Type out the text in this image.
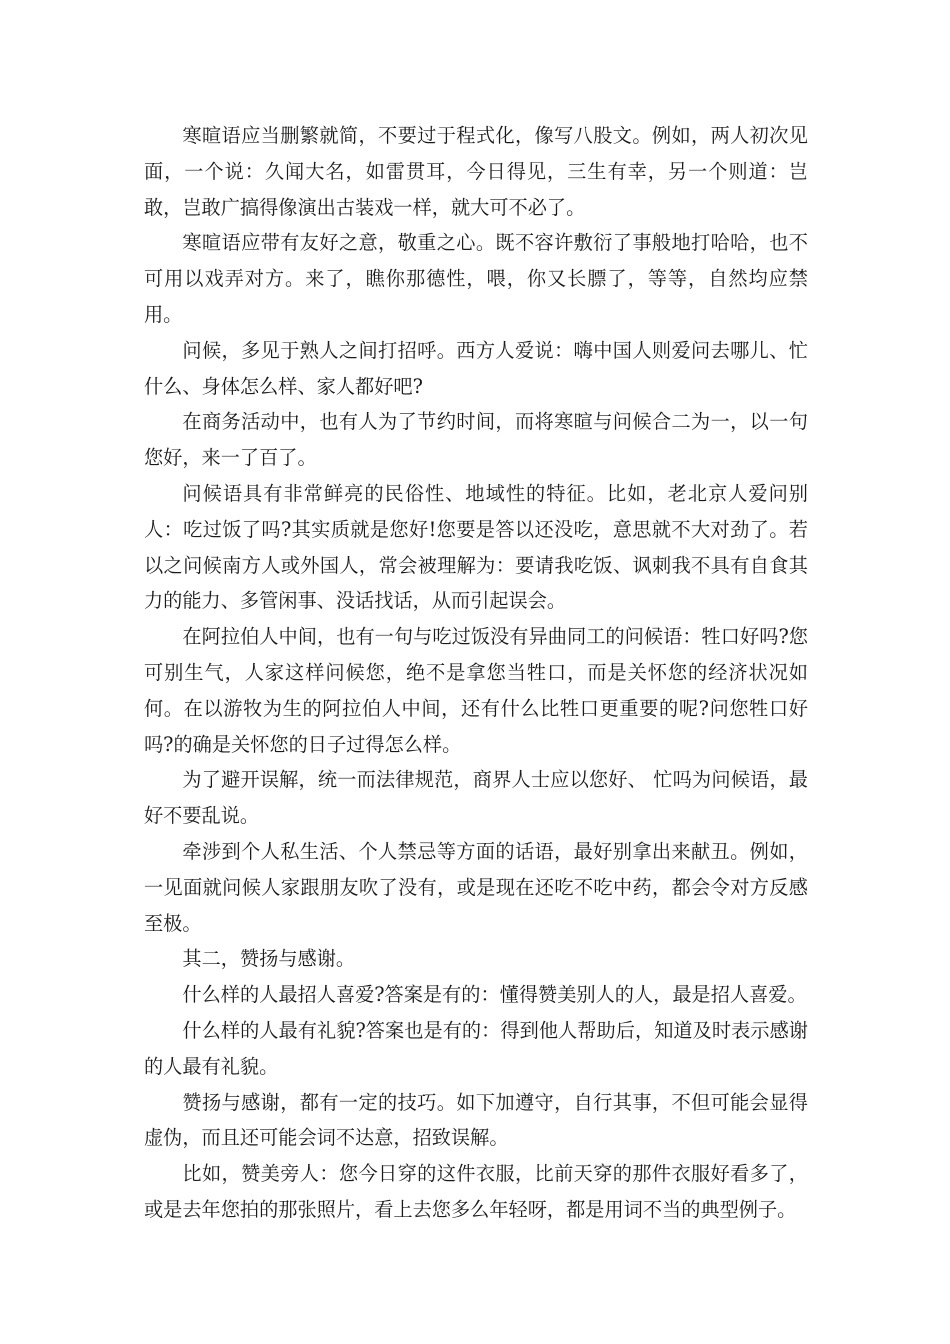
寒暄语应当删繁就简，不要过于程式化，像写八股文。例如，两人初次见面，一个说：久闻大名，如雷贯耳，今日得见，三生有幸，另一个则道：岂敢，岂敢广搞得像演出古装戏一样，就大可不必了。

寒暄语应带有友好之意，敬重之心。既不容许敷衍了事般地打哈哈，也不可用以戏弄对方。来了，瞧你那德性，喂，你又长膘了，等等，自然均应禁用。

问候，多见于熟人之间打招呼。西方人爱说：嗨中国人则爱问去哪儿、忙什么、身体怎么样、家人都好吧?

在商务活动中，也有人为了节约时间，而将寒暄与问候合二为一，以一句您好，来一了百了。

问候语具有非常鲜亮的民俗性、地域性的特征。比如，老北京人爱问别人：吃过饭了吗?其实质就是您好!您要是答以还没吃，意思就不大对劲了。若以之问候南方人或外国人，常会被理解为：要请我吃饭、讽刺我不具有自食其力的能力、多管闲事、没话找话，从而引起误会。

在阿拉伯人中间，也有一句与吃过饭没有异曲同工的问候语：牲口好吗?您可别生气，人家这样问候您，绝不是拿您当牲口，而是关怀您的经济状况如何。在以游牧为生的阿拉伯人中间，还有什么比牲口更重要的呢?问您牲口好吗?的确是关怀您的日子过得怎么样。

为了避开误解，统一而法律规范，商界人士应以您好、 忙吗为问候语，最好不要乱说。

牵涉到个人私生活、个人禁忌等方面的话语，最好别拿出来献丑。例如，一见面就问候人家跟朋友吹了没有，或是现在还吃不吃中药，都会令对方反感至极。

其二，赞扬与感谢。

什么样的人最招人喜爱?答案是有的：懂得赞美别人的人，最是招人喜爱。

什么样的人最有礼貌?答案也是有的：得到他人帮助后，知道及时表示感谢的人最有礼貌。

赞扬与感谢，都有一定的技巧。如下加遵守，自行其事，不但可能会显得虚伪，而且还可能会词不达意，招致误解。

比如，赞美旁人：您今日穿的这件衣服，比前天穿的那件衣服好看多了，或是去年您拍的那张照片，看上去您多么年轻呀，都是用词不当的典型例子。
